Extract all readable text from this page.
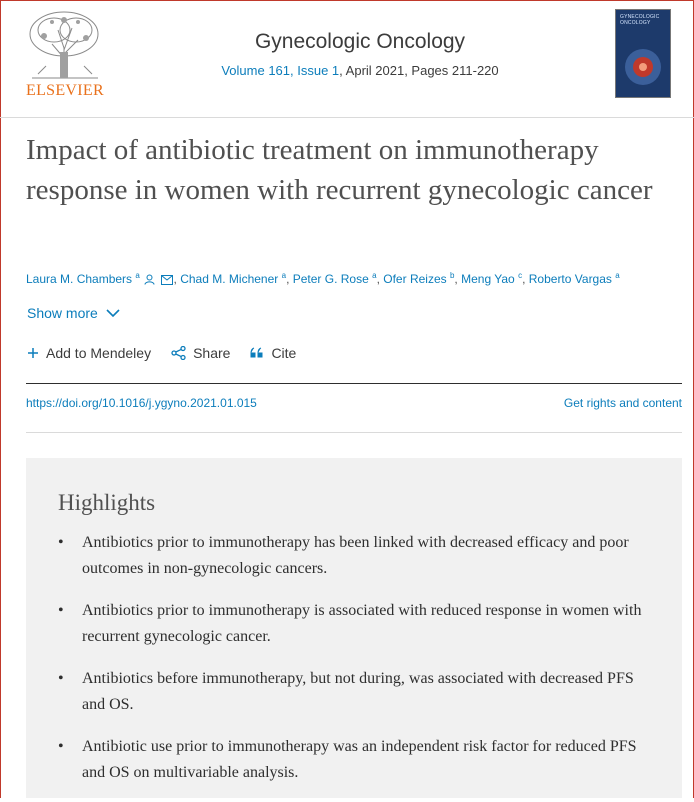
ELSEVIER
Gynecologic Oncology
Volume 161, Issue 1, April 2021, Pages 211-220
GYNECOLOGIC ONCOLOGY
Impact of antibiotic treatment on immunotherapy response in women with recurrent gynecologic cancer
Laura M. Chambers $^a$	, Chad M. Michener $^a$, Peter G. Rose $^a$, Ofer Reizes $^b$, Meng Yao $^c$, Roberto Vargas $^a$
Show more
Add to Mendeley	Share	Cite
https://doi.org/10.1016/j.ygyno.2021.01.015	Get rights and content
Highlights
• Antibiotics prior to immunotherapy has been linked with decreased efficacy and poor outcomes in non-gynecologic cancers.
• Antibiotics prior to immunotherapy is associated with reduced response in women with recurrent gynecologic cancer.
• Antibiotics before immunotherapy, but not during, was associated with decreased PFS and OS.
• Antibiotic use prior to immunotherapy was an independent risk factor for reduced PFS and OS on multivariable analysis.
